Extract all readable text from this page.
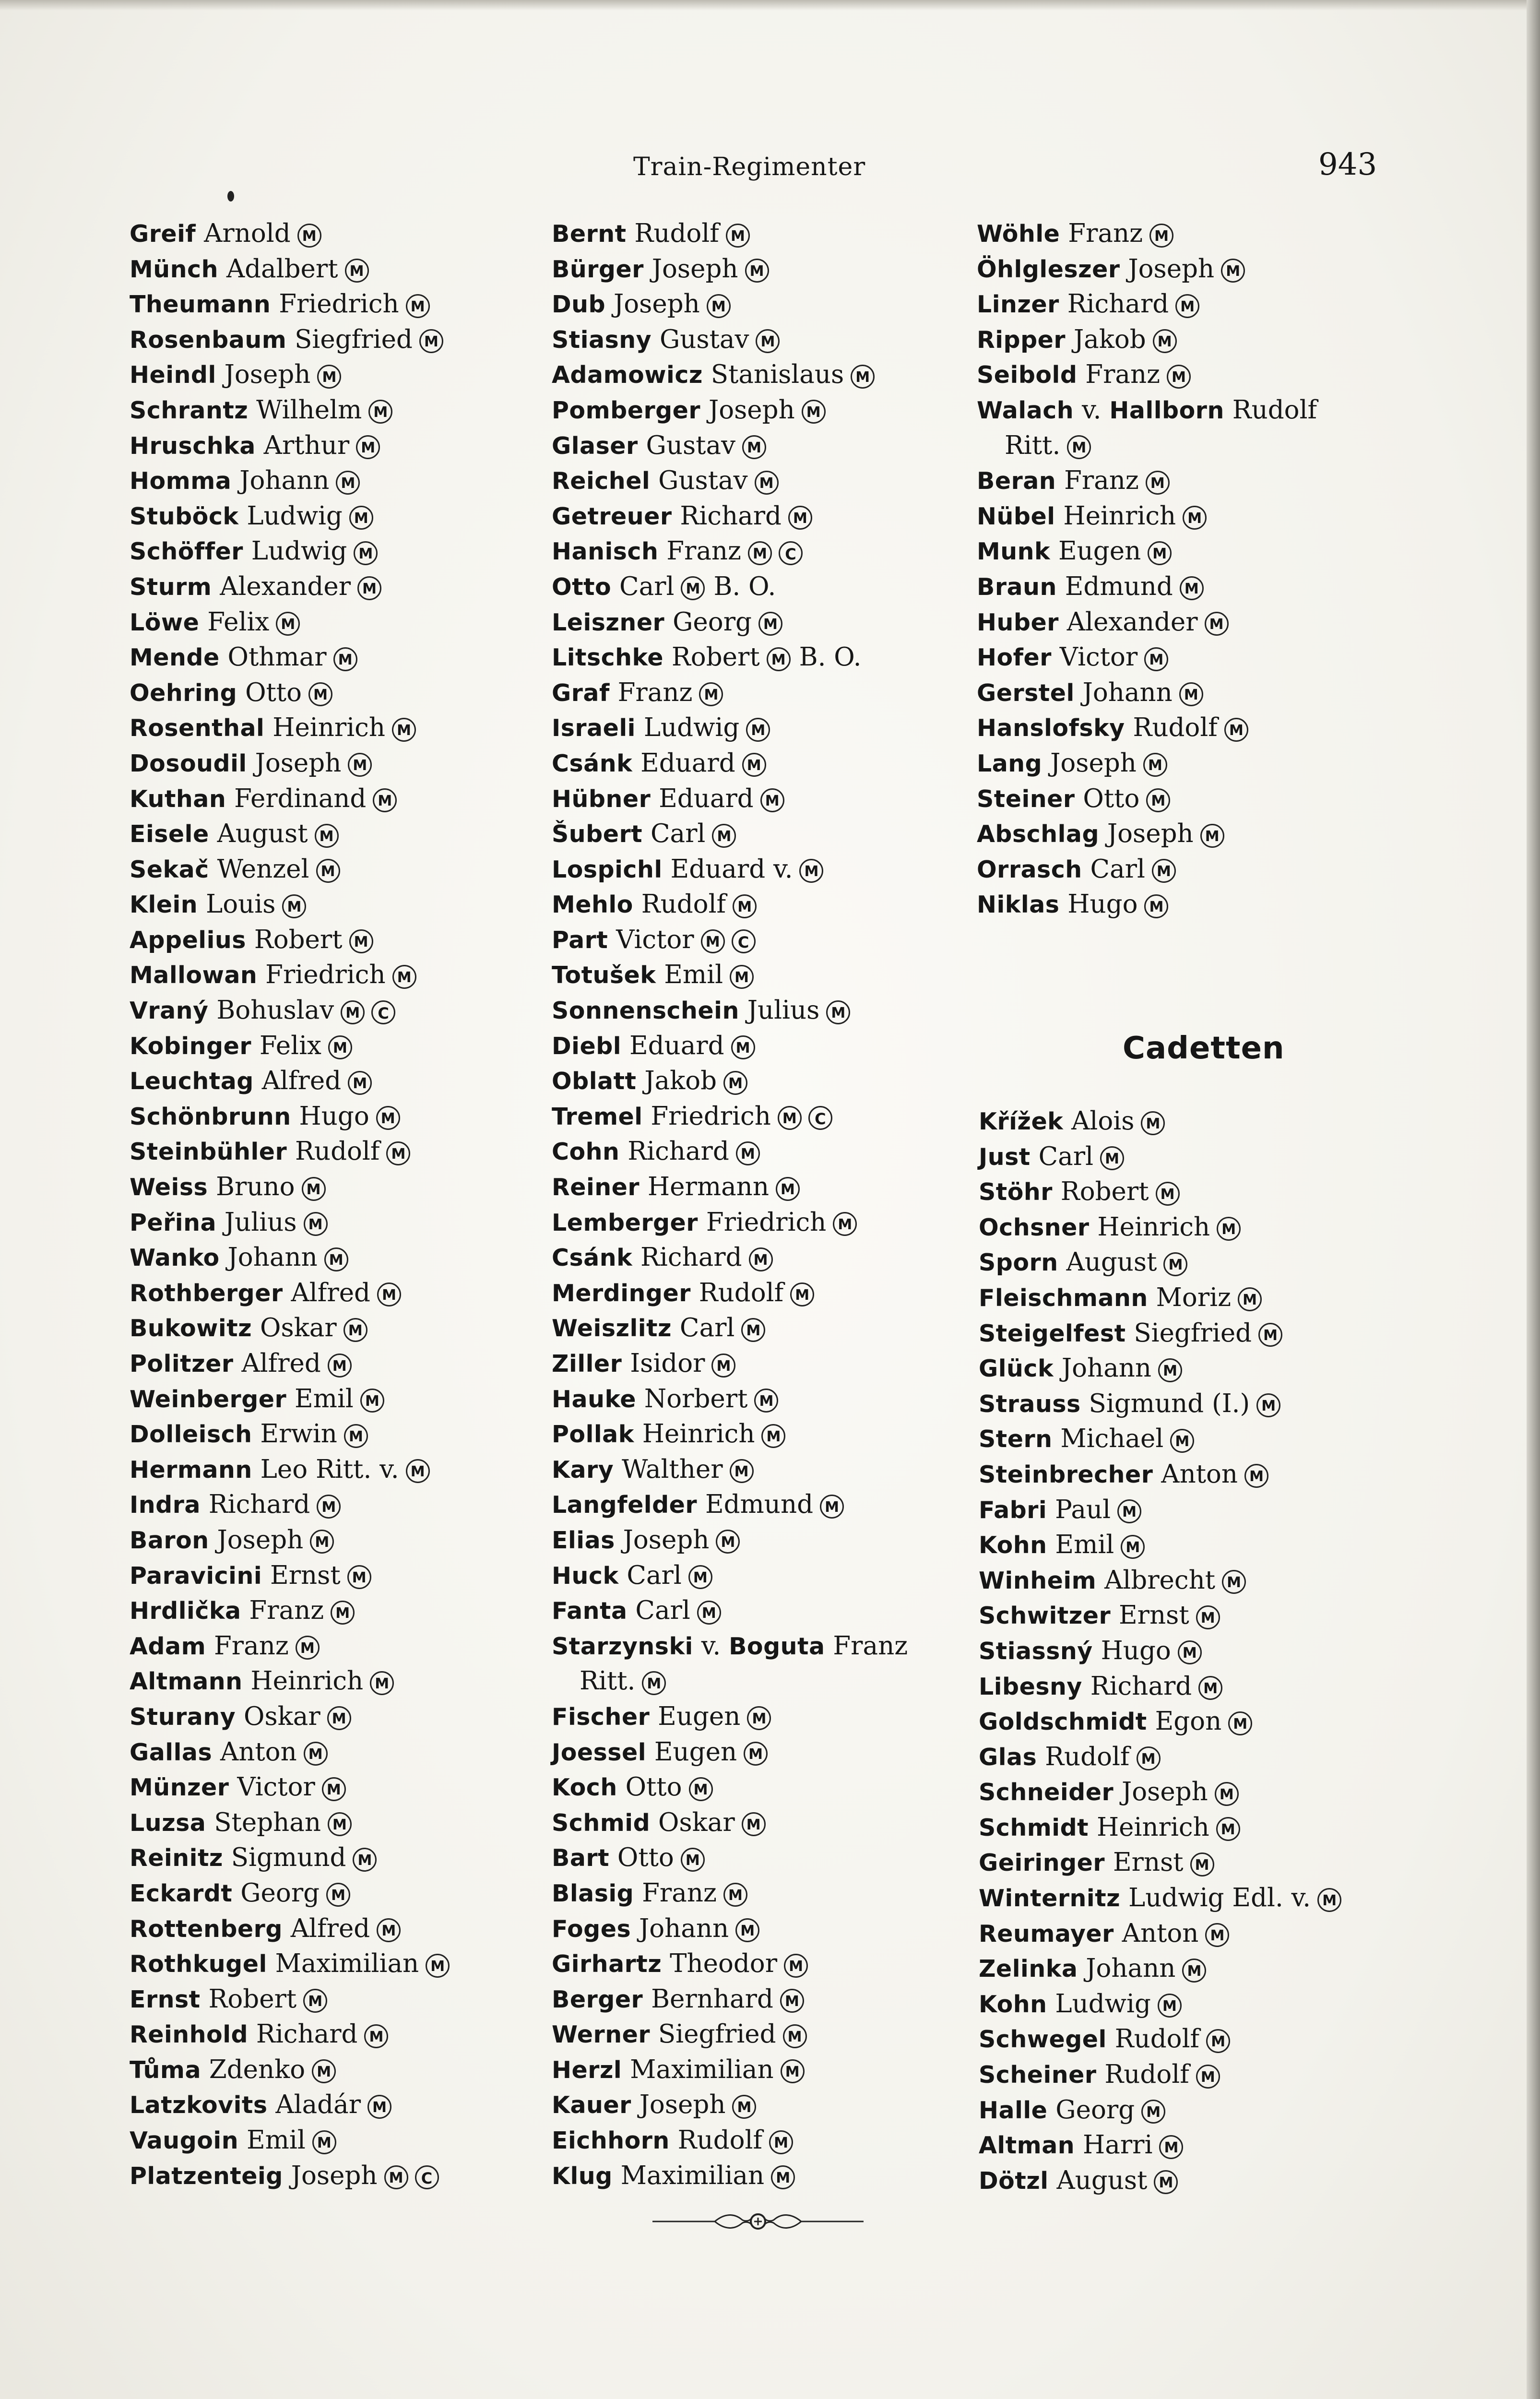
Train-Regimenter	943
Greif Arnold M
Münch Adalbert M
Theumann Friedrich M
Rosenbaum Siegfried M
Heindl Joseph M
Schrantz Wilhelm M
Hruschka Arthur M
Homma Johann M
Stuböck Ludwig M
Schöffer Ludwig M
Sturm Alexander M
Löwe Felix M
Mende Othmar M
Oehring Otto M
Rosenthal Heinrich M
Dosoudil Joseph M
Kuthan Ferdinand M
Eisele August M
Sekač Wenzel M
Klein Louis M
Appelius Robert M
Mallowan Friedrich M
Vraný Bohuslav M C
Kobinger Felix M
Leuchtag Alfred M
Schönbrunn Hugo M
Steinbühler Rudolf M
Weiss Bruno M
Peřina Julius M
Wanko Johann M
Rothberger Alfred M
Bukowitz Oskar M
Politzer Alfred M
Weinberger Emil M
Dolleisch Erwin M
Hermann Leo Ritt. v. M
Indra Richard M
Baron Joseph M
Paravicini Ernst M
Hrdlička Franz M
Adam Franz M
Altmann Heinrich M
Sturany Oskar M
Gallas Anton M
Münzer Victor M
Luzsa Stephan M
Reinitz Sigmund M
Eckardt Georg M
Rottenberg Alfred M
Rothkugel Maximilian M
Ernst Robert M
Reinhold Richard M
Tůma Zdenko M
Latzkovits Aladár M
Vaugoin Emil M
Platzenteig Joseph M C
Bernt Rudolf M
Bürger Joseph M
Dub Joseph M
Stiasny Gustav M
Adamowicz Stanislaus M
Pomberger Joseph M
Glaser Gustav M
Reichel Gustav M
Getreuer Richard M
Hanisch Franz M C
Otto Carl M B. O.
Leiszner Georg M
Litschke Robert M B. O.
Graf Franz M
Israeli Ludwig M
Csánk Eduard M
Hübner Eduard M
Šubert Carl M
Lospichl Eduard v. M
Mehlo Rudolf M
Part Victor M C
Totušek Emil M
Sonnenschein Julius M
Diebl Eduard M
Oblatt Jakob M
Tremel Friedrich M C
Cohn Richard M
Reiner Hermann M
Lemberger Friedrich M
Csánk Richard M
Merdinger Rudolf M
Weiszlitz Carl M
Ziller Isidor M
Hauke Norbert M
Pollak Heinrich M
Kary Walther M
Langfelder Edmund M
Elias Joseph M
Huck Carl M
Fanta Carl M
Starzynski v. Boguta Franz
Ritt. M
Fischer Eugen M
Joessel Eugen M
Koch Otto M
Schmid Oskar M
Bart Otto M
Blasig Franz M
Foges Johann M
Girhartz Theodor M
Berger Bernhard M
Werner Siegfried M
Herzl Maximilian M
Kauer Joseph M
Eichhorn Rudolf M
Klug Maximilian M
Wöhle Franz M
Öhlgleszer Joseph M
Linzer Richard M
Ripper Jakob M
Seibold Franz M
Walach v. Hallborn Rudolf
Ritt. M
Beran Franz M
Nübel Heinrich M
Munk Eugen M
Braun Edmund M
Huber Alexander M
Hofer Victor M
Gerstel Johann M
Hanslofsky Rudolf M
Lang Joseph M
Steiner Otto M
Abschlag Joseph M
Orrasch Carl M
Niklas Hugo M
Cadetten
Křížek Alois M
Just Carl M
Stöhr Robert M
Ochsner Heinrich M
Sporn August M
Fleischmann Moriz M
Steigelfest Siegfried M
Glück Johann M
Strauss Sigmund (I.) M
Stern Michael M
Steinbrecher Anton M
Fabri Paul M
Kohn Emil M
Winheim Albrecht M
Schwitzer Ernst M
Stiassný Hugo M
Libesny Richard M
Goldschmidt Egon M
Glas Rudolf M
Schneider Joseph M
Schmidt Heinrich M
Geiringer Ernst M
Winternitz Ludwig Edl. v. M
Reumayer Anton M
Zelinka Johann M
Kohn Ludwig M
Schwegel Rudolf M
Scheiner Rudolf M
Halle Georg M
Altman Harri M
Dötzl August M
